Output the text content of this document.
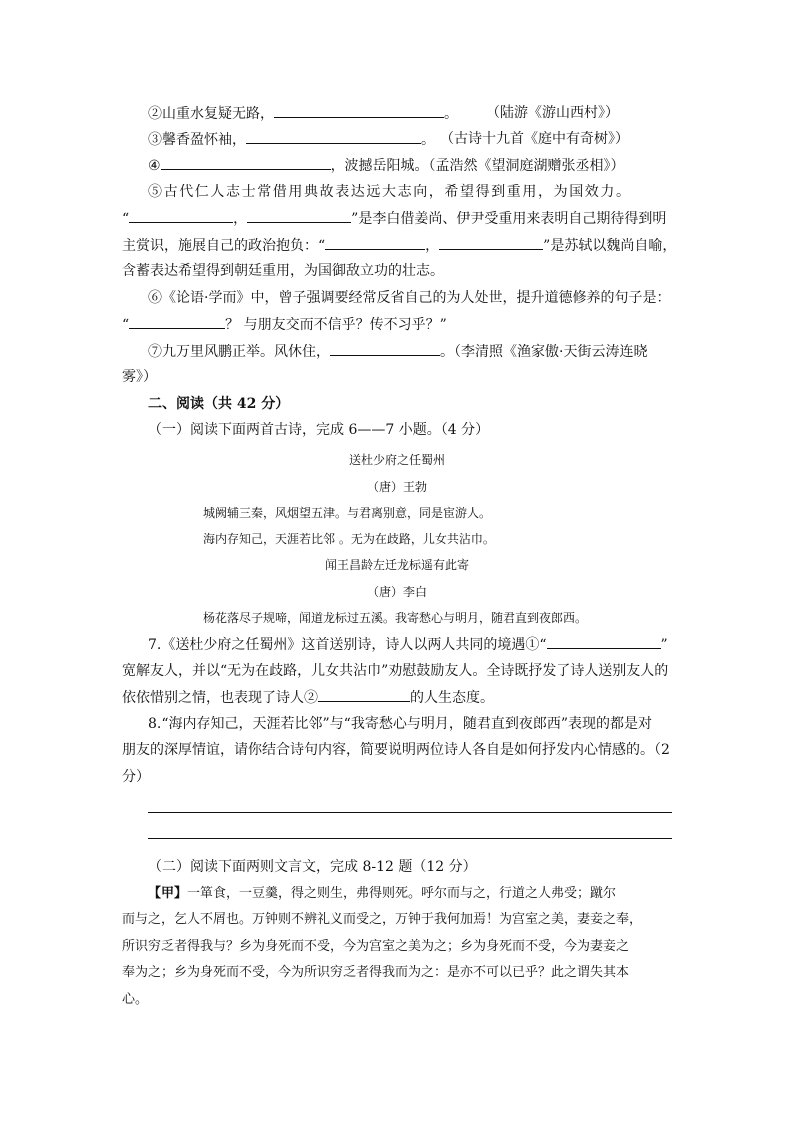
②山重水复疑无路，	。 （陆游《游山西村》）
③馨香盈怀袖，	。 （古诗十九首《庭中有奇树》）
④	，波撼岳阳城。（孟浩然《望洞庭湖赠张丞相》）
⑤古代仁人志士常借用典故表达远大志向，希望得到重用，为国效力。
“	，	”是李白借姜尚、伊尹受重用来表明自己期待得到明
主赏识，施展自己的政治抱负：“	，	”是苏轼以魏尚自喻，
含蓄表达希望得到朝廷重用，为国御敌立功的壮志。
⑥《论语·学而》中，曾子强调要经常反省自己的为人处世，提升道德修养的句子是：
“	？ 与朋友交而不信乎？传不习乎？”
⑦九万里风鹏正举。风休住，	。（李清照《渔家傲·天街云涛连晓
雾》）
二、阅读（共 42 分）
（一）阅读下面两首古诗，完成 6——7 小题。（4 分）
送杜少府之任蜀州
（唐）王勃
城阙辅三秦，风烟望五津。与君离别意，同是宦游人。
海内存知己，天涯若比邻 。无为在歧路，儿女共沾巾。
闻王昌龄左迁龙标遥有此寄
（唐）李白
杨花落尽子规啼，闻道龙标过五溪。我寄愁心与明月，随君直到夜郎西。
7.《送杜少府之任蜀州》这首送别诗，诗人以两人共同的境遇①“	”
宽解友人，并以“无为在歧路，儿女共沾巾”劝慰鼓励友人。全诗既抒发了诗人送别友人的
依依惜别之情，也表现了诗人②	的人生态度。
8.“海内存知己，天涯若比邻”与“我寄愁心与明月，随君直到夜郎西”表现的都是对
朋友的深厚情谊，请你结合诗句内容，简要说明两位诗人各自是如何抒发内心情感的。（2
分）
（二）阅读下面两则文言文，完成 8-12 题（12 分）
【甲】一箪食，一豆羹，得之则生，弗得则死。呼尔而与之，行道之人弗受；蹴尔
而与之，乞人不屑也。万钟则不辨礼义而受之，万钟于我何加焉！为宫室之美，妻妾之奉，
所识穷乏者得我与？乡为身死而不受，今为宫室之美为之；乡为身死而不受，今为妻妾之
奉为之；乡为身死而不受，今为所识穷乏者得我而为之：是亦不可以已乎？此之谓失其本
心。
